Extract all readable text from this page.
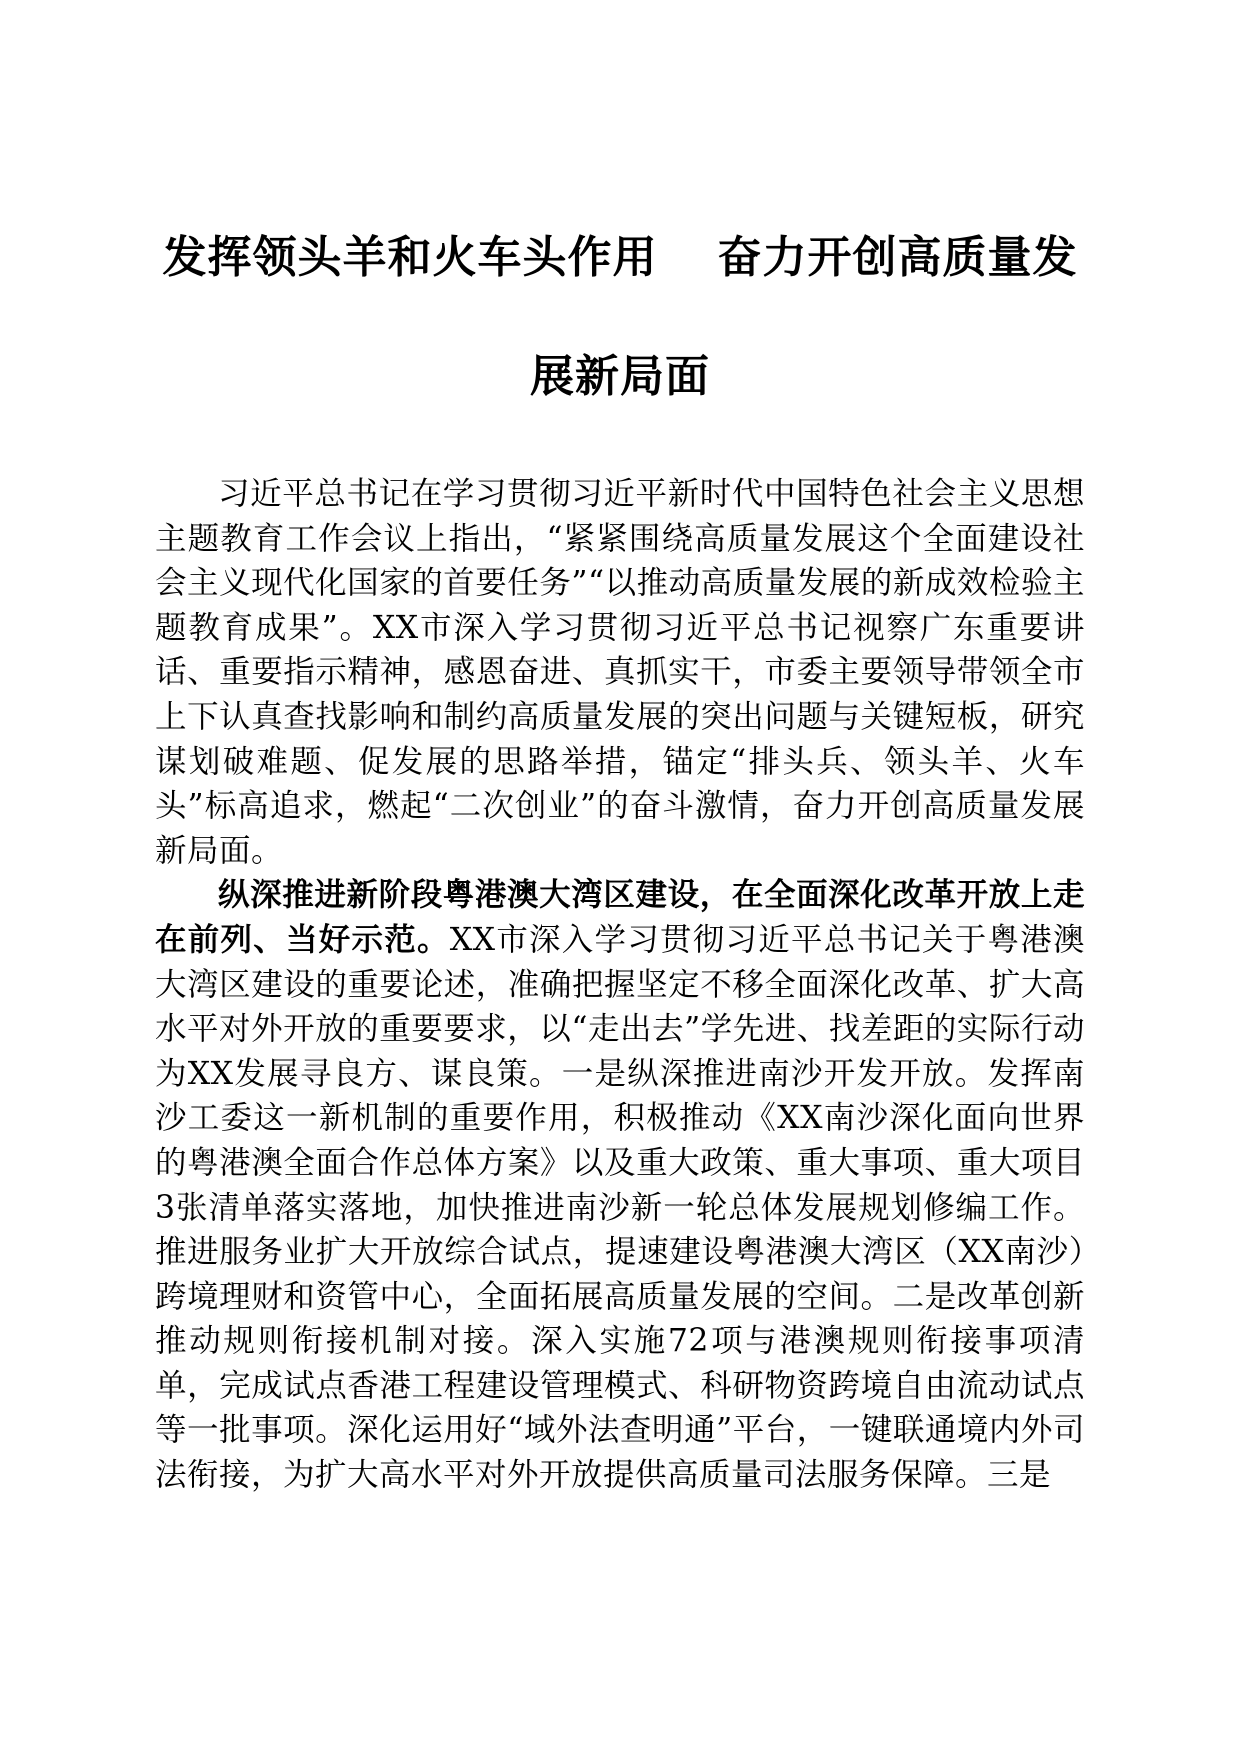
发挥领头羊和火车头作用 奋力开创高质量发
展新局面

习近平总书记在学习贯彻习近平新时代中国特色社会主义思想主题教育工作会议上指出，“紧紧围绕高质量发展这个全面建设社会主义现代化国家的首要任务”“以推动高质量发展的新成效检验主题教育成果”。XX市深入学习贯彻习近平总书记视察广东重要讲话、重要指示精神，感恩奋进、真抓实干，市委主要领导带领全市上下认真查找影响和制约高质量发展的突出问题与关键短板，研究谋划破难题、促发展的思路举措，锚定“排头兵、领头羊、火车头”标高追求，燃起“二次创业”的奋斗激情，奋力开创高质量发展新局面。

纵深推进新阶段粤港澳大湾区建设，在全面深化改革开放上走在前列、当好示范。XX市深入学习贯彻习近平总书记关于粤港澳大湾区建设的重要论述，准确把握坚定不移全面深化改革、扩大高水平对外开放的重要要求，以“走出去”学先进、找差距的实际行动为XX发展寻良方、谋良策。一是纵深推进南沙开发开放。发挥南沙工委这一新机制的重要作用，积极推动《XX南沙深化面向世界的粤港澳全面合作总体方案》以及重大政策、重大事项、重大项目3张清单落实落地，加快推进南沙新一轮总体发展规划修编工作。推进服务业扩大开放综合试点，提速建设粤港澳大湾区（XX南沙）跨境理财和资管中心，全面拓展高质量发展的空间。二是改革创新推动规则衔接机制对接。深入实施72项与港澳规则衔接事项清单，完成试点香港工程建设管理模式、科研物资跨境自由流动试点等一批事项。深化运用好“域外法查明通”平台，一键联通境内外司法衔接，为扩大高水平对外开放提供高质量司法服务保障。三是
